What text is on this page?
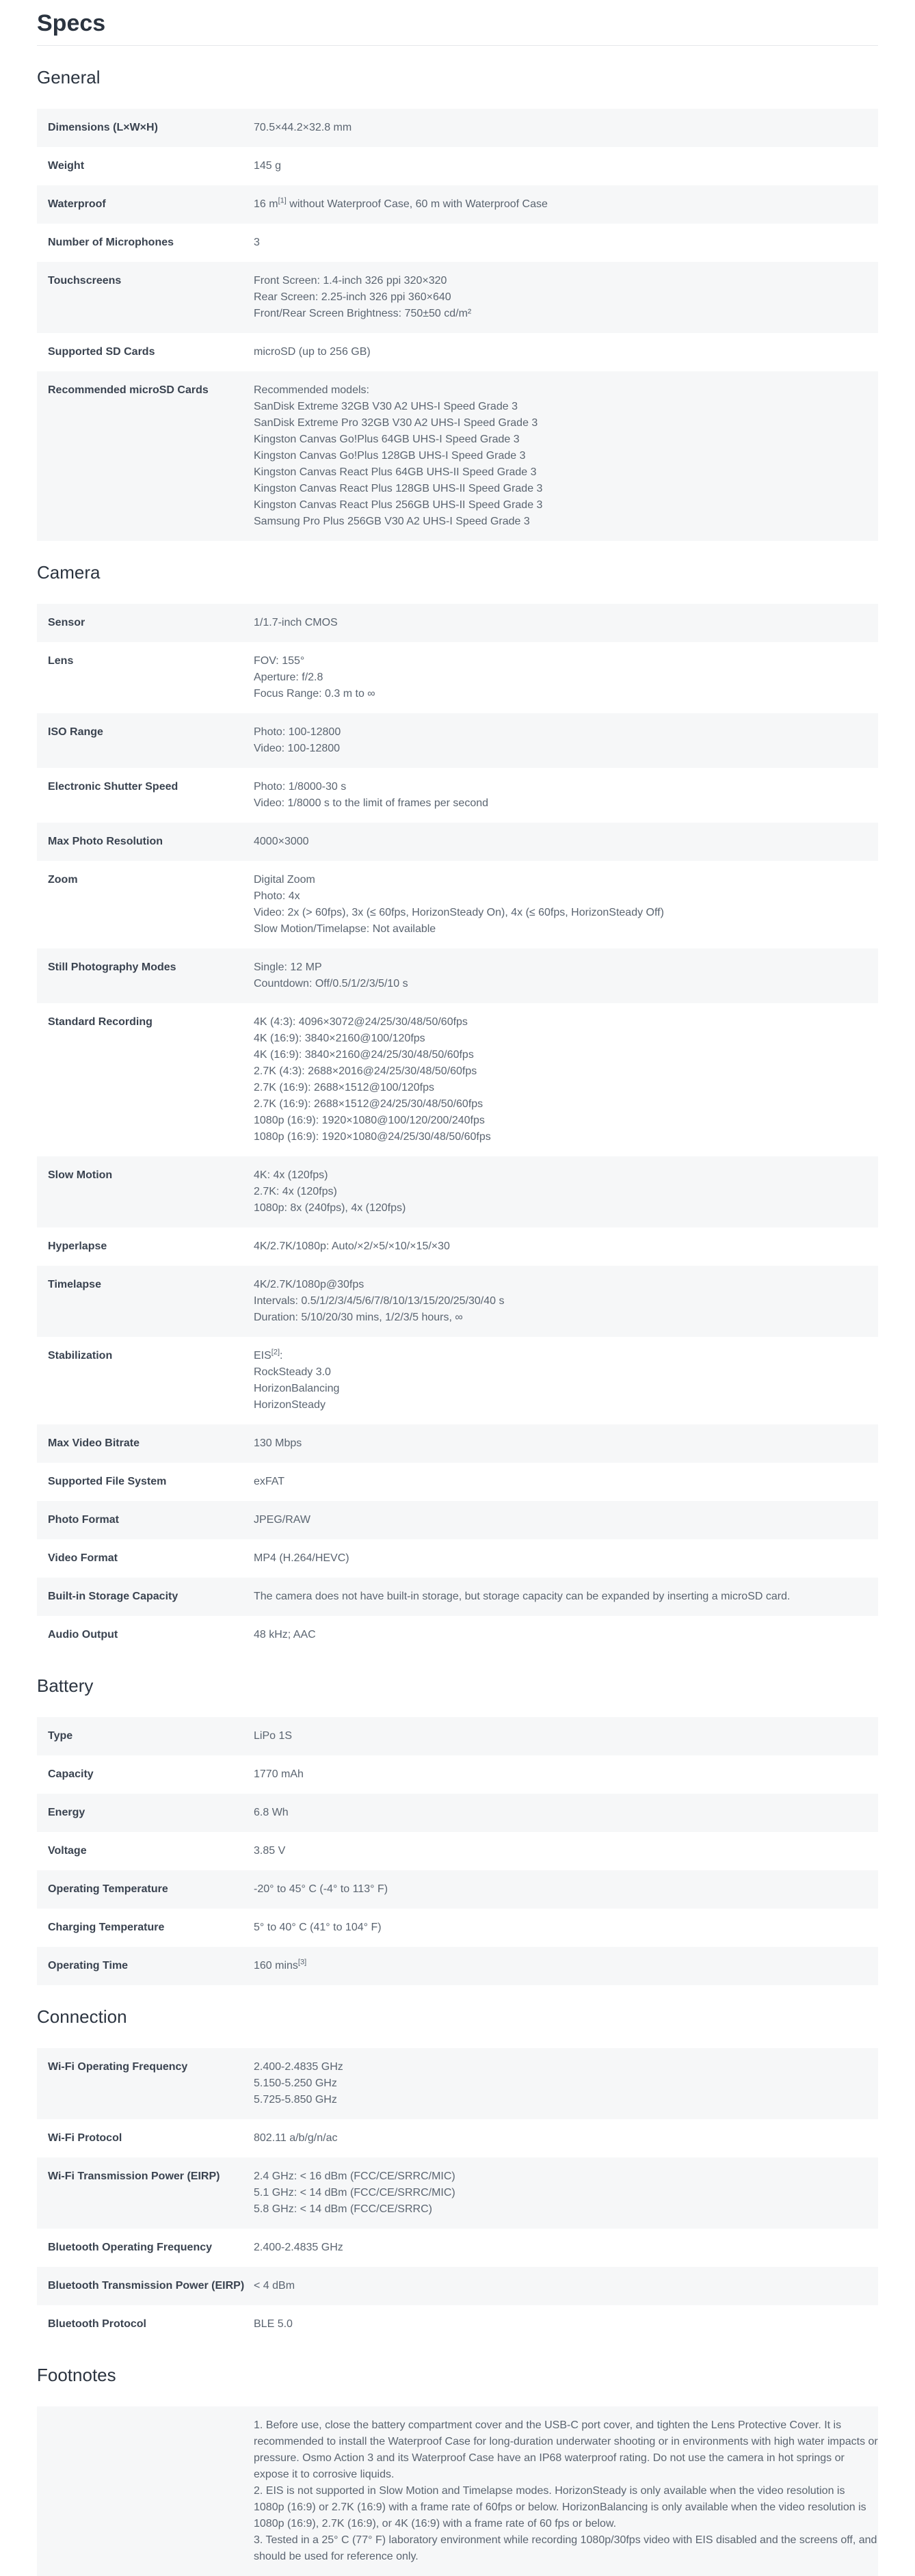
Specs
General
Dimensions (L×W×H)	70.5×44.2×32.8 mm
Weight	145 g
Waterproof	16 m[1] without Waterproof Case, 60 m with Waterproof Case
Number of Microphones	3
Touchscreens	Front Screen: 1.4-inch 326 ppi 320×320
Rear Screen: 2.25-inch 326 ppi 360×640
Front/Rear Screen Brightness: 750±50 cd/m²
Supported SD Cards	microSD (up to 256 GB)
Recommended microSD Cards	Recommended models:
SanDisk Extreme 32GB V30 A2 UHS-I Speed Grade 3
SanDisk Extreme Pro 32GB V30 A2 UHS-I Speed Grade 3
Kingston Canvas Go!Plus 64GB UHS-I Speed Grade 3
Kingston Canvas Go!Plus 128GB UHS-I Speed Grade 3
Kingston Canvas React Plus 64GB UHS-II Speed Grade 3
Kingston Canvas React Plus 128GB UHS-II Speed Grade 3
Kingston Canvas React Plus 256GB UHS-II Speed Grade 3
Samsung Pro Plus 256GB V30 A2 UHS-I Speed Grade 3
Camera
Sensor	1/1.7-inch CMOS
Lens	FOV: 155°
Aperture: f/2.8
Focus Range: 0.3 m to ∞
ISO Range	Photo: 100-12800
Video: 100-12800
Electronic Shutter Speed	Photo: 1/8000-30 s
Video: 1/8000 s to the limit of frames per second
Max Photo Resolution	4000×3000
Zoom	Digital Zoom
Photo: 4x
Video: 2x (> 60fps), 3x (≤ 60fps, HorizonSteady On), 4x (≤ 60fps, HorizonSteady Off)
Slow Motion/Timelapse: Not available
Still Photography Modes	Single: 12 MP
Countdown: Off/0.5/1/2/3/5/10 s
Standard Recording	4K (4:3): 4096×3072@24/25/30/48/50/60fps
4K (16:9): 3840×2160@100/120fps
4K (16:9): 3840×2160@24/25/30/48/50/60fps
2.7K (4:3): 2688×2016@24/25/30/48/50/60fps
2.7K (16:9): 2688×1512@100/120fps
2.7K (16:9): 2688×1512@24/25/30/48/50/60fps
1080p (16:9): 1920×1080@100/120/200/240fps
1080p (16:9): 1920×1080@24/25/30/48/50/60fps
Slow Motion	4K: 4x (120fps)
2.7K: 4x (120fps)
1080p: 8x (240fps), 4x (120fps)
Hyperlapse	4K/2.7K/1080p: Auto/×2/×5/×10/×15/×30
Timelapse	4K/2.7K/1080p@30fps
Intervals: 0.5/1/2/3/4/5/6/7/8/10/13/15/20/25/30/40 s
Duration: 5/10/20/30 mins, 1/2/3/5 hours, ∞
Stabilization	EIS[2]:
RockSteady 3.0
HorizonBalancing
HorizonSteady
Max Video Bitrate	130 Mbps
Supported File System	exFAT
Photo Format	JPEG/RAW
Video Format	MP4 (H.264/HEVC)
Built-in Storage Capacity	The camera does not have built-in storage, but storage capacity can be expanded by inserting a microSD card.
Audio Output	48 kHz; AAC
Battery
Type	LiPo 1S
Capacity	1770 mAh
Energy	6.8 Wh
Voltage	3.85 V
Operating Temperature	-20° to 45° C (-4° to 113° F)
Charging Temperature	5° to 40° C (41° to 104° F)
Operating Time	160 mins[3]
Connection
Wi-Fi Operating Frequency	2.400-2.4835 GHz
5.150-5.250 GHz
5.725-5.850 GHz
Wi-Fi Protocol	802.11 a/b/g/n/ac
Wi-Fi Transmission Power (EIRP)	2.4 GHz: < 16 dBm (FCC/CE/SRRC/MIC)
5.1 GHz: < 14 dBm (FCC/CE/SRRC/MIC)
5.8 GHz: < 14 dBm (FCC/CE/SRRC)
Bluetooth Operating Frequency	2.400-2.4835 GHz
Bluetooth Transmission Power (EIRP) < 4 dBm
Bluetooth Protocol	BLE 5.0
Footnotes
1. Before use, close the battery compartment cover and the USB-C port cover, and tighten the Lens Protective Cover. It is recommended to install the Waterproof Case for long-duration underwater shooting or in environments with high water impacts or pressure. Osmo Action 3 and its Waterproof Case have an IP68 waterproof rating. Do not use the camera in hot springs or expose it to corrosive liquids.
2. EIS is not supported in Slow Motion and Timelapse modes. HorizonSteady is only available when the video resolution is 1080p (16:9) or 2.7K (16:9) with a frame rate of 60fps or below. HorizonBalancing is only available when the video resolution is 1080p (16:9), 2.7K (16:9), or 4K (16:9) with a frame rate of 60 fps or below.
3. Tested in a 25° C (77° F) laboratory environment while recording 1080p/30fps video with EIS disabled and the screens off, and should be used for reference only.
